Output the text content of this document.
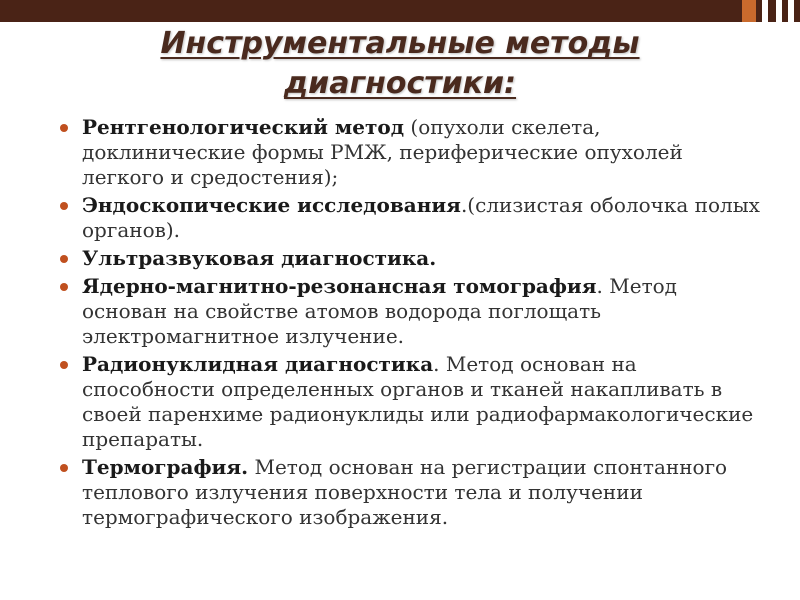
Инструментальные методы
диагностики:
Рентгенологический метод (опухоли скелета, доклинические формы РМЖ, периферические опухолей легкого и средостения);
Эндоскопические исследования.(слизистая оболочка полых органов).
Ультразвуковая диагностика.
Ядерно-магнитно-резонансная томография. Метод основан на свойстве атомов водорода поглощать электромагнитное излучение.
Радионуклидная диагностика. Метод основан на способности определенных органов и тканей накапливать в своей паренхиме радионуклиды или радиофармакологические препараты.
Термография. Метод основан на регистрации спонтанного теплового излучения поверхности тела и получении термографического изображения.
